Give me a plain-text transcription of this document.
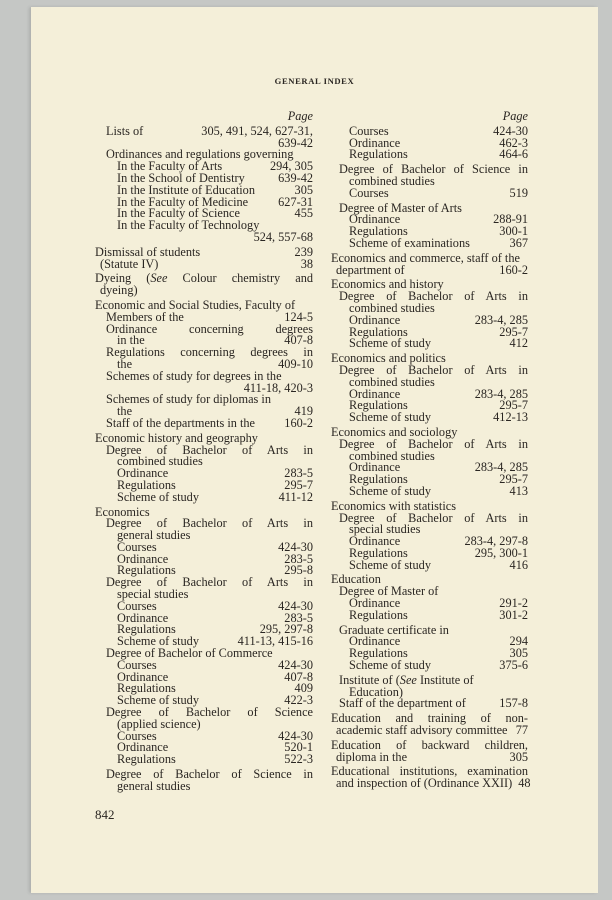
GENERAL INDEX
Page
Lists of	305, 491, 524, 627-31,
639-42
Ordinances and regulations governing
In the Faculty of Arts	294, 305
In the School of Dentistry	639-42
In the Institute of Education	305
In the Faculty of Medicine	627-31
In the Faculty of Science	455
In the Faculty of Technology
524, 557-68
Dismissal of students	239
(Statute IV)	38
Dyeing (See Colour chemistry and
dyeing)
Economic and Social Studies, Faculty of
Members of the	124-5
Ordinance concerning degrees
in the	407-8
Regulations concerning degrees in
the	409-10
Schemes of study for degrees in the
411-18, 420-3
Schemes of study for diplomas in
the	419
Staff of the departments in the	160-2
Economic history and geography
Degree of Bachelor of Arts in
combined studies
Ordinance	283-5
Regulations	295-7
Scheme of study	411-12
Economics
Degree of Bachelor of Arts in
general studies
Courses	424-30
Ordinance	283-5
Regulations	295-8
Degree of Bachelor of Arts in
special studies
Courses	424-30
Ordinance	283-5
Regulations	295, 297-8
Scheme of study	411-13, 415-16
Degree of Bachelor of Commerce
Courses	424-30
Ordinance	407-8
Regulations	409
Scheme of study	422-3
Degree of Bachelor of Science
(applied science)
Courses	424-30
Ordinance	520-1
Regulations	522-3
Degree of Bachelor of Science in
general studies
Page
Courses	424-30
Ordinance	462-3
Regulations	464-6
Degree of Bachelor of Science in
combined studies
Courses	519
Degree of Master of Arts
Ordinance	288-91
Regulations	300-1
Scheme of examinations	367
Economics and commerce, staff of the
department of	160-2
Economics and history
Degree of Bachelor of Arts in
combined studies
Ordinance	283-4, 285
Regulations	295-7
Scheme of study	412
Economics and politics
Degree of Bachelor of Arts in
combined studies
Ordinance	283-4, 285
Regulations	295-7
Scheme of study	412-13
Economics and sociology
Degree of Bachelor of Arts in
combined studies
Ordinance	283-4, 285
Regulations	295-7
Scheme of study	413
Economics with statistics
Degree of Bachelor of Arts in
special studies
Ordinance	283-4, 297-8
Regulations	295, 300-1
Scheme of study	416
Education
Degree of Master of
Ordinance	291-2
Regulations	301-2
Graduate certificate in
Ordinance	294
Regulations	305
Scheme of study	375-6
Institute of (See Institute of
Education)
Staff of the department of	157-8
Education and training of non-
academic staff advisory committee 77
Education of backward children,
diploma in the	305
Educational institutions, examination
and inspection of (Ordinance XXII) 48
842
